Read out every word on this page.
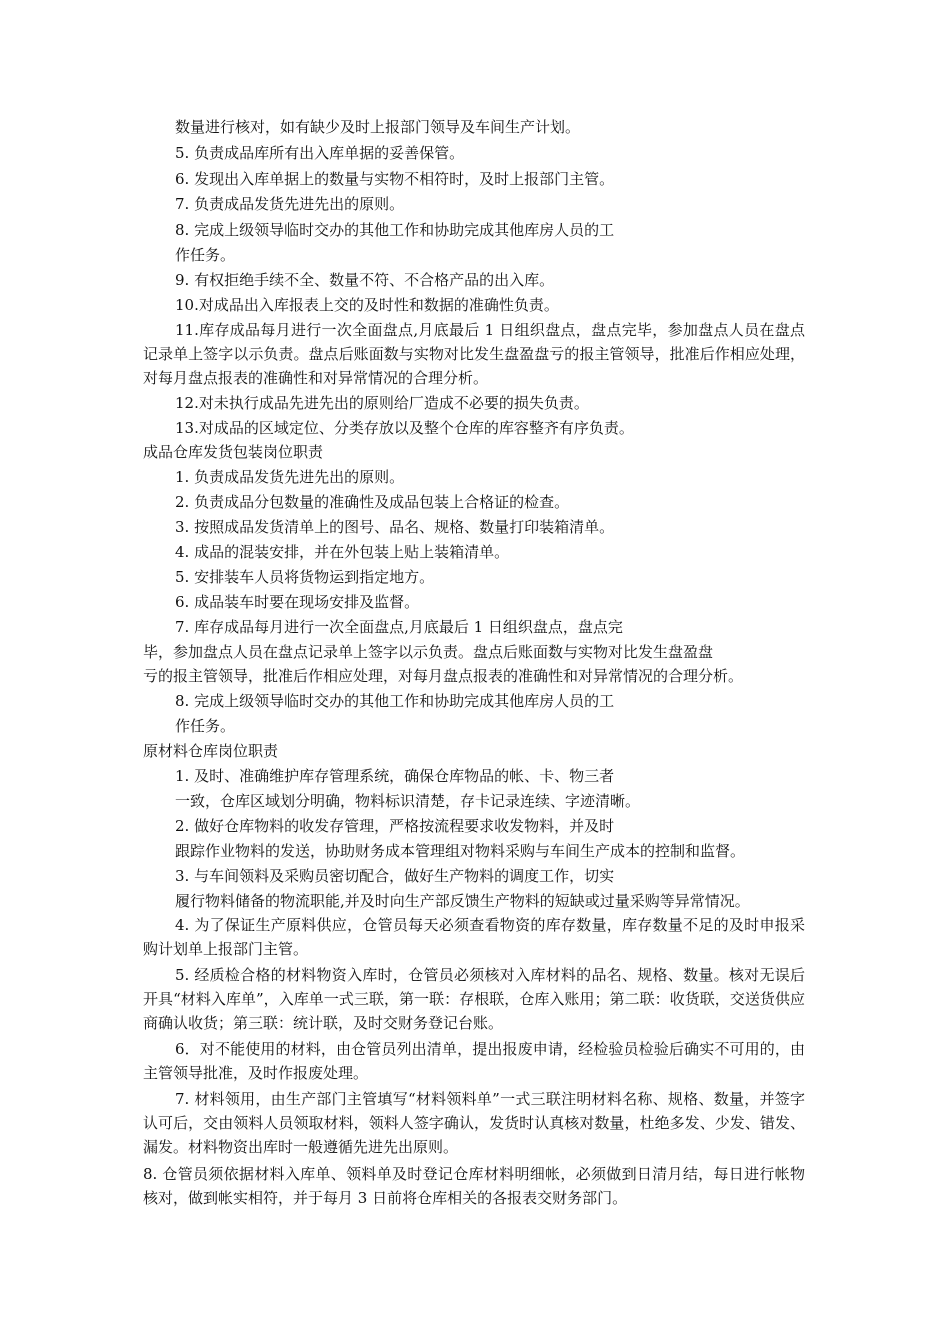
数量进行核对，如有缺少及时上报部门领导及车间生产计划。
5. 负责成品库所有出入库单据的妥善保管。
6. 发现出入库单据上的数量与实物不相符时，及时上报部门主管。
7. 负责成品发货先进先出的原则。
8. 完成上级领导临时交办的其他工作和协助完成其他库房人员的工
作任务。
9. 有权拒绝手续不全、数量不符、不合格产品的出入库。
10.对成品出入库报表上交的及时性和数据的准确性负责。
11.库存成品每月进行一次全面盘点,月底最后 1 日组织盘点，盘点完毕，参加盘点人员在盘点记录单上签字以示负责。盘点后账面数与实物对比发生盘盈盘亏的报主管领导，批准后作相应处理，对每月盘点报表的准确性和对异常情况的合理分析。
12.对未执行成品先进先出的原则给厂造成不必要的损失负责。
13.对成品的区域定位、分类存放以及整个仓库的库容整齐有序负责。
成品仓库发货包装岗位职责
1. 负责成品发货先进先出的原则。
2. 负责成品分包数量的准确性及成品包装上合格证的检查。
3. 按照成品发货清单上的图号、品名、规格、数量打印装箱清单。
4. 成品的混装安排，并在外包装上贴上装箱清单。
5. 安排装车人员将货物运到指定地方。
6. 成品装车时要在现场安排及监督。
7. 库存成品每月进行一次全面盘点,月底最后 1 日组织盘点，盘点完
毕，参加盘点人员在盘点记录单上签字以示负责。盘点后账面数与实物对比发生盘盈盘
亏的报主管领导，批准后作相应处理，对每月盘点报表的准确性和对异常情况的合理分析。
8. 完成上级领导临时交办的其他工作和协助完成其他库房人员的工
作任务。
原材料仓库岗位职责
1. 及时、准确维护库存管理系统，确保仓库物品的帐、卡、物三者
一致，仓库区域划分明确，物料标识清楚，存卡记录连续、字迹清晰。
2. 做好仓库物料的收发存管理，严格按流程要求收发物料，并及时
跟踪作业物料的发送，协助财务成本管理组对物料采购与车间生产成本的控制和监督。
3. 与车间领料及采购员密切配合，做好生产物料的调度工作，切实
履行物料储备的物流职能,并及时向生产部反馈生产物料的短缺或过量采购等异常情况。
4. 为了保证生产原料供应，仓管员每天必须查看物资的库存数量，库存数量不足的及时申报采购计划单上报部门主管。
5. 经质检合格的材料物资入库时，仓管员必须核对入库材料的品名、规格、数量。核对无误后开具“材料入库单”，入库单一式三联，第一联：存根联，仓库入账用；第二联：收货联，交送货供应商确认收货；第三联：统计联，及时交财务登记台账。
6．对不能使用的材料，由仓管员列出清单，提出报废申请，经检验员检验后确实不可用的，由主管领导批准，及时作报废处理。
7. 材料领用，由生产部门主管填写“材料领料单”一式三联注明材料名称、规格、数量，并签字认可后，交由领料人员领取材料，领料人签字确认，发货时认真核对数量，杜绝多发、少发、错发、漏发。材料物资出库时一般遵循先进先出原则。
8. 仓管员须依据材料入库单、领料单及时登记仓库材料明细帐，必须做到日清月结，每日进行帐物核对，做到帐实相符，并于每月 3 日前将仓库相关的各报表交财务部门。
